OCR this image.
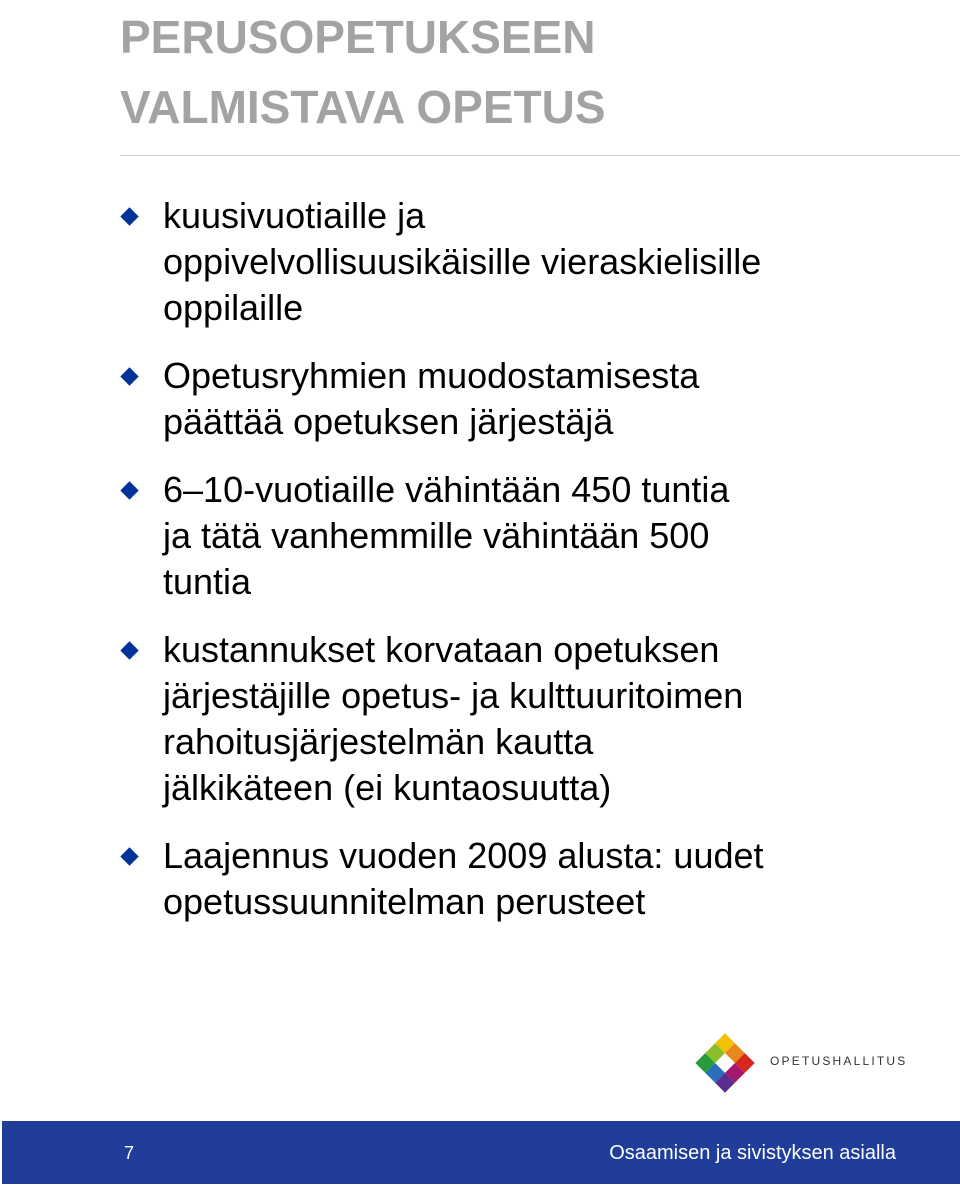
PERUSOPETUKSEEN
VALMISTAVA OPETUS
kuusivuotiaille ja
oppivelvollisuusikäisille vieraskielisille
oppilaille
Opetusryhmien muodostamisesta
päättää opetuksen järjestäjä
6–10-vuotiaille vähintään 450 tuntia
ja tätä vanhemmille vähintään 500
tuntia
kustannukset korvataan opetuksen
järjestäjille opetus- ja kulttuuritoimen
rahoitusjärjestelmän kautta
jälkikäteen (ei kuntaosuutta)
Laajennus vuoden 2009 alusta: uudet
opetussuunnitelman perusteet
OPETUSHALLITUS
7	Osaamisen ja sivistyksen asialla
